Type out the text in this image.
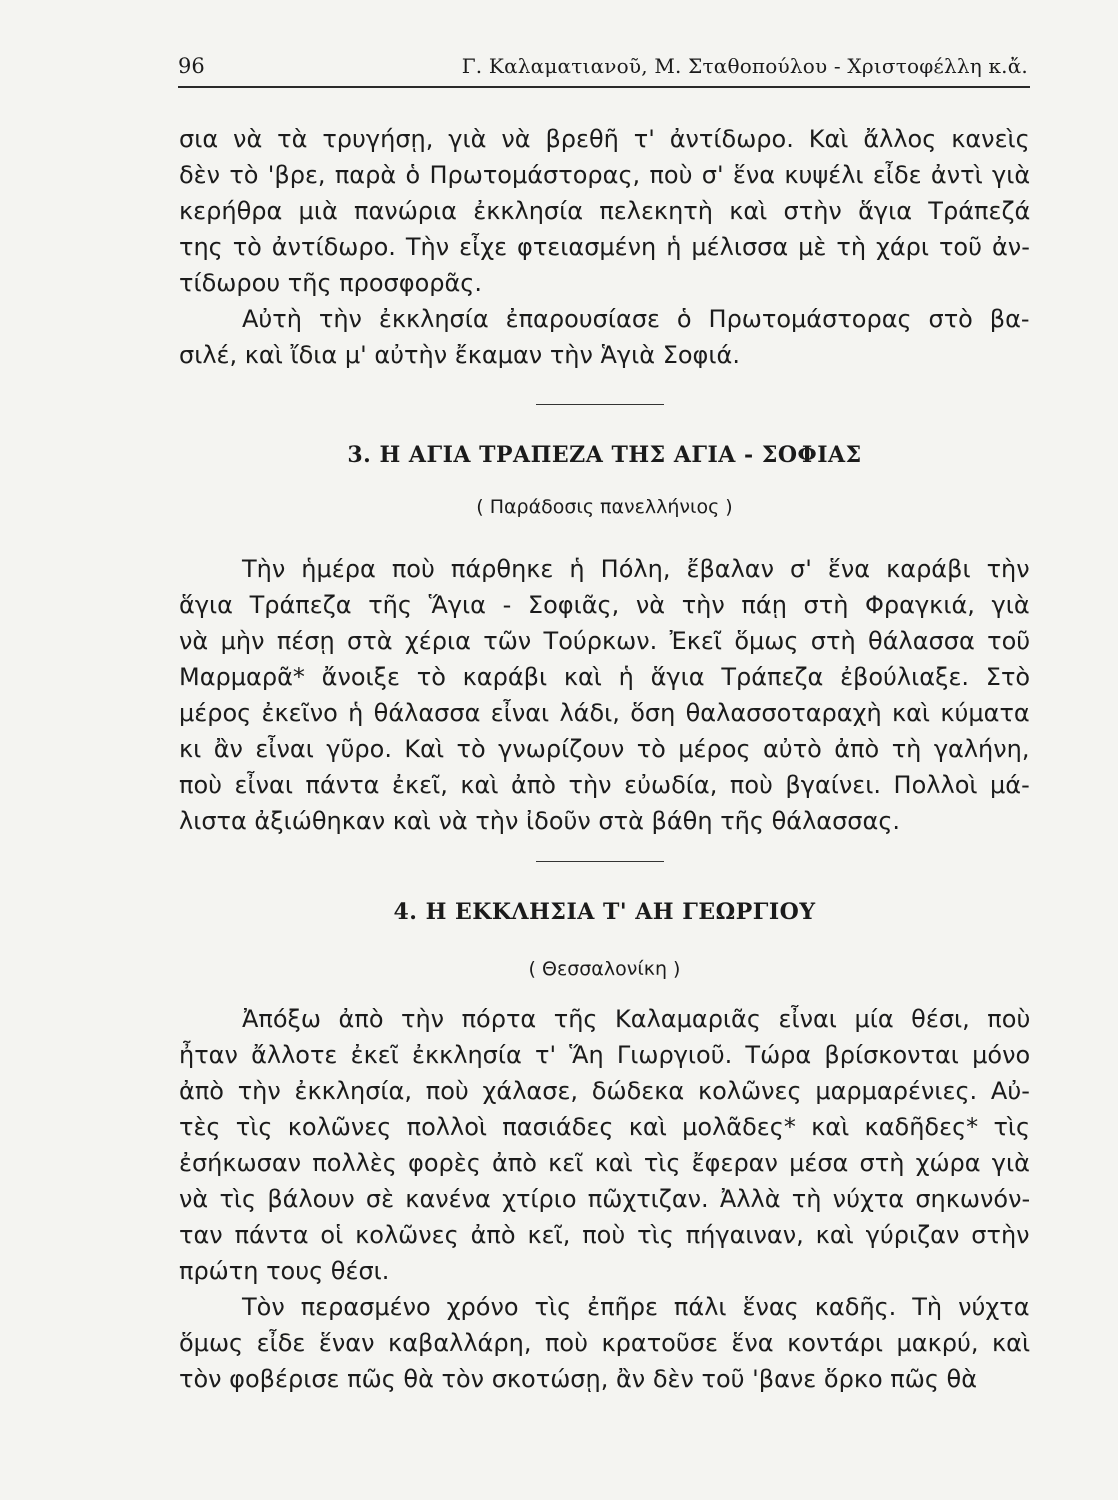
96	Γ. Καλαματιανοῦ, Μ. Σταθοπούλου - Χριστοφέλλη κ.ἄ.

σια νὰ τὰ τρυγήσῃ, γιὰ νὰ βρεθῆ τ' ἀντίδωρο. Καὶ ἄλλος κανεὶς

δὲν τὸ 'βρε, παρὰ ὁ Πρωτομάστορας, ποὺ σ' ἕνα κυψέλι εἶδε ἀντὶ γιὰ

κερήθρα μιὰ πανώρια ἐκκλησία πελεκητὴ καὶ στὴν ἅγια Τράπεζά

της τὸ ἀντίδωρο. Τὴν εἶχε φτειασμένη ἡ μέλισσα μὲ τὴ χάρι τοῦ ἀν-

τίδωρου τῆς προσφορᾶς.

Αὐτὴ τὴν ἐκκλησία ἐπαρουσίασε ὁ Πρωτομάστορας στὸ βα-

σιλέ, καὶ ἴδια μ' αὐτὴν ἔκαμαν τὴν Ἁγιὰ Σοφιά.

3. Η ΑΓΙΑ ΤΡΑΠΕΖΑ ΤΗΣ ΑΓΙΑ - ΣΟΦΙΑΣ
( Παράδοσις πανελλήνιος )

Τὴν ἡμέρα ποὺ πάρθηκε ἡ Πόλη, ἔβαλαν σ' ἕνα καράβι τὴν

ἅγια Τράπεζα τῆς Ἅγια - Σοφιᾶς, νὰ τὴν πάῃ στὴ Φραγκιά, γιὰ

νὰ μὴν πέσῃ στὰ χέρια τῶν Τούρκων. Ἐκεῖ ὅμως στὴ θάλασσα τοῦ

Μαρμαρᾶ* ἄνοιξε τὸ καράβι καὶ ἡ ἅγια Τράπεζα ἐβούλιαξε. Στὸ

μέρος ἐκεῖνο ἡ θάλασσα εἶναι λάδι, ὅση θαλασσοταραχὴ καὶ κύματα

κι ἂν εἶναι γῦρο. Καὶ τὸ γνωρίζουν τὸ μέρος αὐτὸ ἀπὸ τὴ γαλήνη,

ποὺ εἶναι πάντα ἐκεῖ, καὶ ἀπὸ τὴν εὐωδία, ποὺ βγαίνει. Πολλοὶ μά-

λιστα ἀξιώθηκαν καὶ νὰ τὴν ἰδοῦν στὰ βάθη τῆς θάλασσας.

4. Η ΕΚΚΛΗΣΙΑ Τ' ΑΗ ΓΕΩΡΓΙΟΥ
( Θεσσαλονίκη )

Ἀπόξω ἀπὸ τὴν πόρτα τῆς Καλαμαριᾶς εἶναι μία θέσι, ποὺ

ἦταν ἄλλοτε ἐκεῖ ἐκκλησία τ' Ἅη Γιωργιοῦ. Τώρα βρίσκονται μόνο

ἀπὸ τὴν ἐκκλησία, ποὺ χάλασε, δώδεκα κολῶνες μαρμαρένιες. Αὐ-

τὲς τὶς κολῶνες πολλοὶ πασιάδες καὶ μολᾶδες* καὶ καδῆδες* τὶς

ἐσήκωσαν πολλὲς φορὲς ἀπὸ κεῖ καὶ τὶς ἔφεραν μέσα στὴ χώρα γιὰ

νὰ τὶς βάλουν σὲ κανένα χτίριο πῶχτιζαν. Ἀλλὰ τὴ νύχτα σηκωνόν-

ταν πάντα οἱ κολῶνες ἀπὸ κεῖ, ποὺ τὶς πήγαιναν, καὶ γύριζαν στὴν

πρώτη τους θέσι.

Τὸν περασμένο χρόνο τὶς ἐπῆρε πάλι ἕνας καδῆς. Τὴ νύχτα

ὅμως εἶδε ἕναν καβαλλάρη, ποὺ κρατοῦσε ἕνα κοντάρι μακρύ, καὶ

τὸν φοβέρισε πῶς θὰ τὸν σκοτώσῃ, ἂν δὲν τοῦ 'βανε ὅρκο πῶς θὰ
